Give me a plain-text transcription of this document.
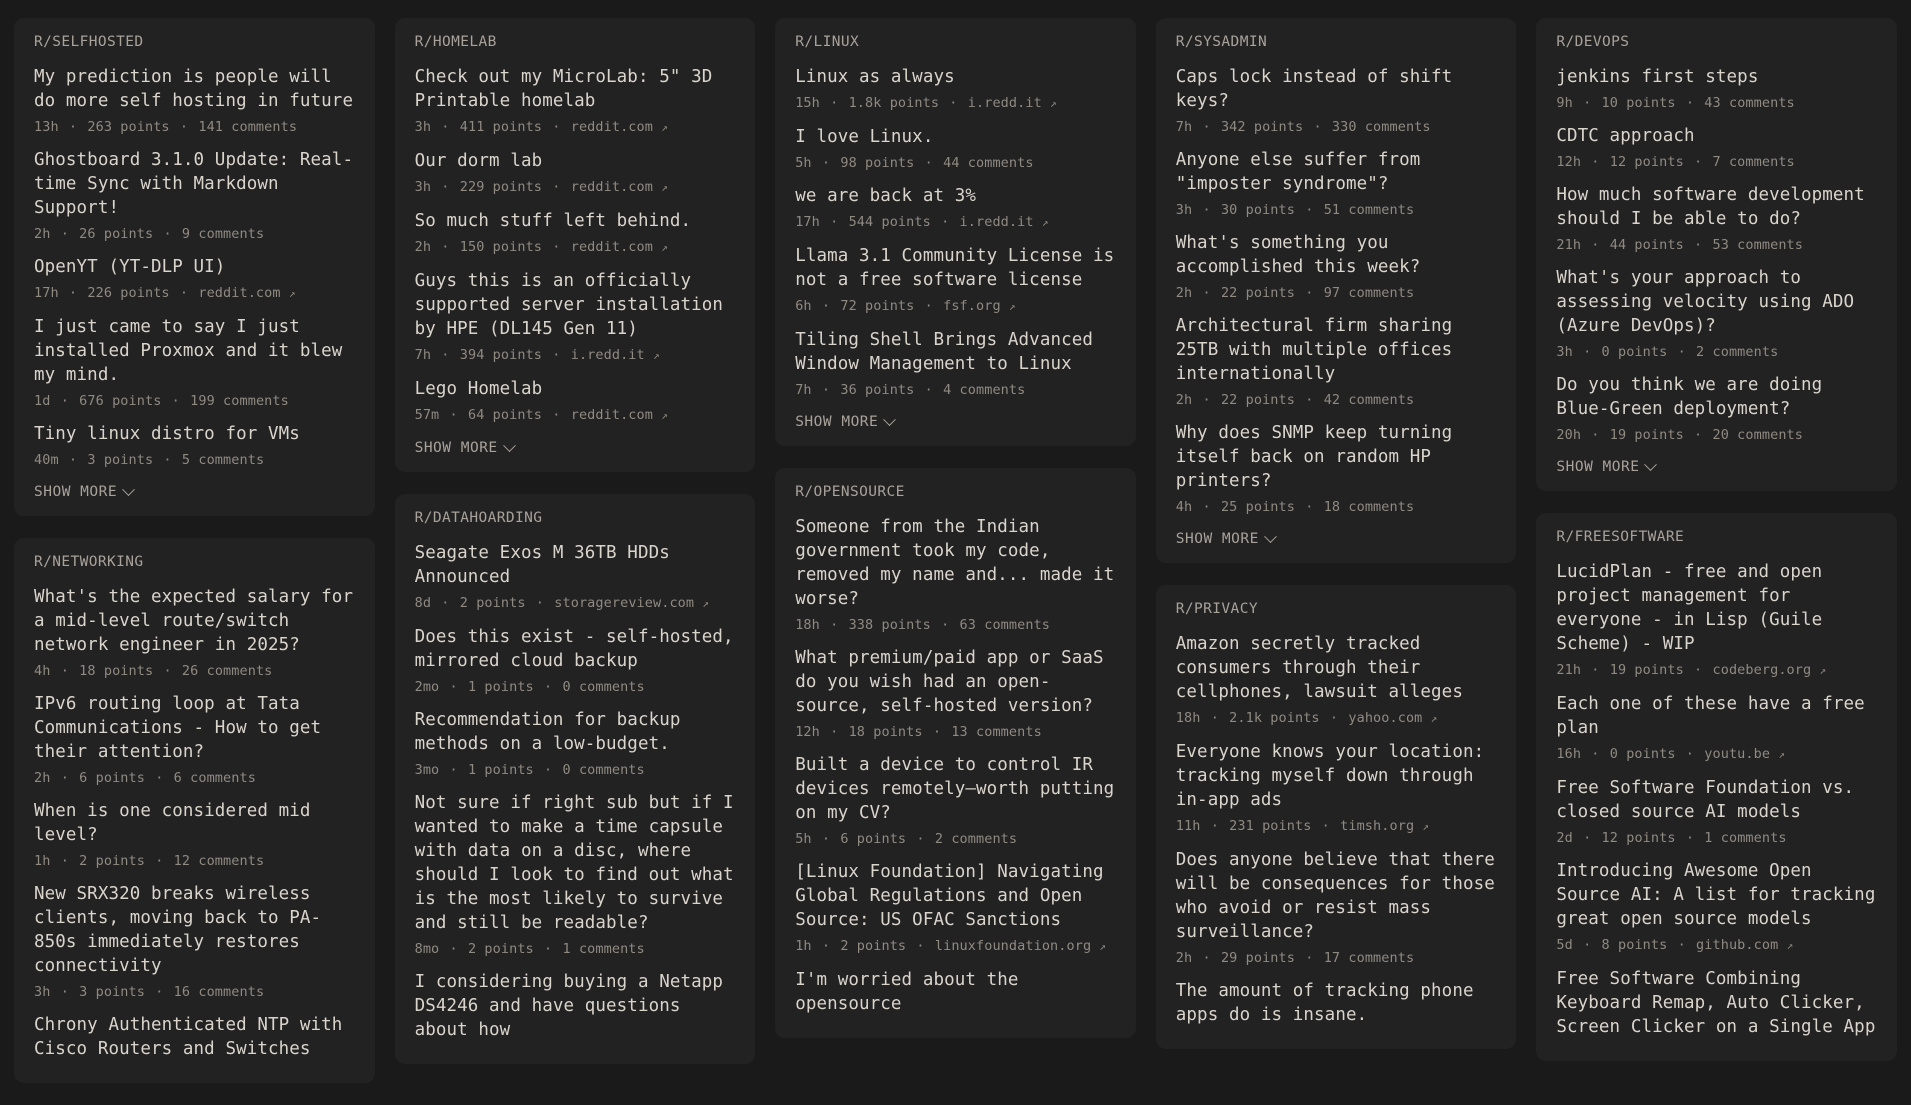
R/SELFHOSTED
My prediction is people will do more self hosting in future
13h · 263 points · 141 comments
Ghostboard 3.1.0 Update: Real-time Sync with Markdown Support!
2h · 26 points · 9 comments
OpenYT (YT-DLP UI)
17h · 226 points · reddit.com ↗
I just came to say I just installed Proxmox and it blew my mind.
1d · 676 points · 199 comments
Tiny linux distro for VMs
40m · 3 points · 5 comments
SHOW MORE
R/NETWORKING
What's the expected salary for a mid-level route/switch network engineer in 2025?
4h · 18 points · 26 comments
IPv6 routing loop at Tata Communications - How to get their attention?
2h · 6 points · 6 comments
When is one considered mid level?
1h · 2 points · 12 comments
New SRX320 breaks wireless clients, moving back to PA-850s immediately restores connectivity
3h · 3 points · 16 comments
Chrony Authenticated NTP with Cisco Routers and Switches
R/HOMELAB
Check out my MicroLab: 5" 3D Printable homelab
3h · 411 points · reddit.com ↗
Our dorm lab
3h · 229 points · reddit.com ↗
So much stuff left behind.
2h · 150 points · reddit.com ↗
Guys this is an officially supported server installation by HPE (DL145 Gen 11)
7h · 394 points · i.redd.it ↗
Lego Homelab
57m · 64 points · reddit.com ↗
SHOW MORE
R/DATAHOARDING
Seagate Exos M 36TB HDDs Announced
8d · 2 points · storagereview.com ↗
Does this exist - self-hosted, mirrored cloud backup
2mo · 1 points · 0 comments
Recommendation for backup methods on a low-budget.
3mo · 1 points · 0 comments
Not sure if right sub but if I wanted to make a time capsule with data on a disc, where should I look to find out what is the most likely to survive and still be readable?
8mo · 2 points · 1 comments
I considering buying a Netapp DS4246 and have questions about how
R/LINUX
Linux as always
15h · 1.8k points · i.redd.it ↗
I love Linux.
5h · 98 points · 44 comments
we are back at 3%
17h · 544 points · i.redd.it ↗
Llama 3.1 Community License is not a free software license
6h · 72 points · fsf.org ↗
Tiling Shell Brings Advanced Window Management to Linux
7h · 36 points · 4 comments
SHOW MORE
R/OPENSOURCE
Someone from the Indian government took my code, removed my name and... made it worse?
18h · 338 points · 63 comments
What premium/paid app or SaaS do you wish had an open-source, self-hosted version?
12h · 18 points · 13 comments
Built a device to control IR devices remotely—worth putting on my CV?
5h · 6 points · 2 comments
[Linux Foundation] Navigating Global Regulations and Open Source: US OFAC Sanctions
1h · 2 points · linuxfoundation.org ↗
I'm worried about the opensource
R/SYSADMIN
Caps lock instead of shift keys?
7h · 342 points · 330 comments
Anyone else suffer from "imposter syndrome"?
3h · 30 points · 51 comments
What's something you accomplished this week?
2h · 22 points · 97 comments
Architectural firm sharing 25TB with multiple offices internationally
2h · 22 points · 42 comments
Why does SNMP keep turning itself back on random HP printers?
4h · 25 points · 18 comments
SHOW MORE
R/PRIVACY
Amazon secretly tracked consumers through their cellphones, lawsuit alleges
18h · 2.1k points · yahoo.com ↗
Everyone knows your location: tracking myself down through in-app ads
11h · 231 points · timsh.org ↗
Does anyone believe that there will be consequences for those who avoid or resist mass surveillance?
2h · 29 points · 17 comments
The amount of tracking phone apps do is insane.
R/DEVOPS
jenkins first steps
9h · 10 points · 43 comments
CDTC approach
12h · 12 points · 7 comments
How much software development should I be able to do?
21h · 44 points · 53 comments
What's your approach to assessing velocity using ADO (Azure DevOps)?
3h · 0 points · 2 comments
Do you think we are doing Blue-Green deployment?
20h · 19 points · 20 comments
SHOW MORE
R/FREESOFTWARE
LucidPlan - free and open project management for everyone - in Lisp (Guile Scheme) - WIP
21h · 19 points · codeberg.org ↗
Each one of these have a free plan
16h · 0 points · youtu.be ↗
Free Software Foundation vs. closed source AI models
2d · 12 points · 1 comments
Introducing Awesome Open Source AI: A list for tracking great open source models
5d · 8 points · github.com ↗
Free Software Combining Keyboard Remap, Auto Clicker, Screen Clicker on a Single App
